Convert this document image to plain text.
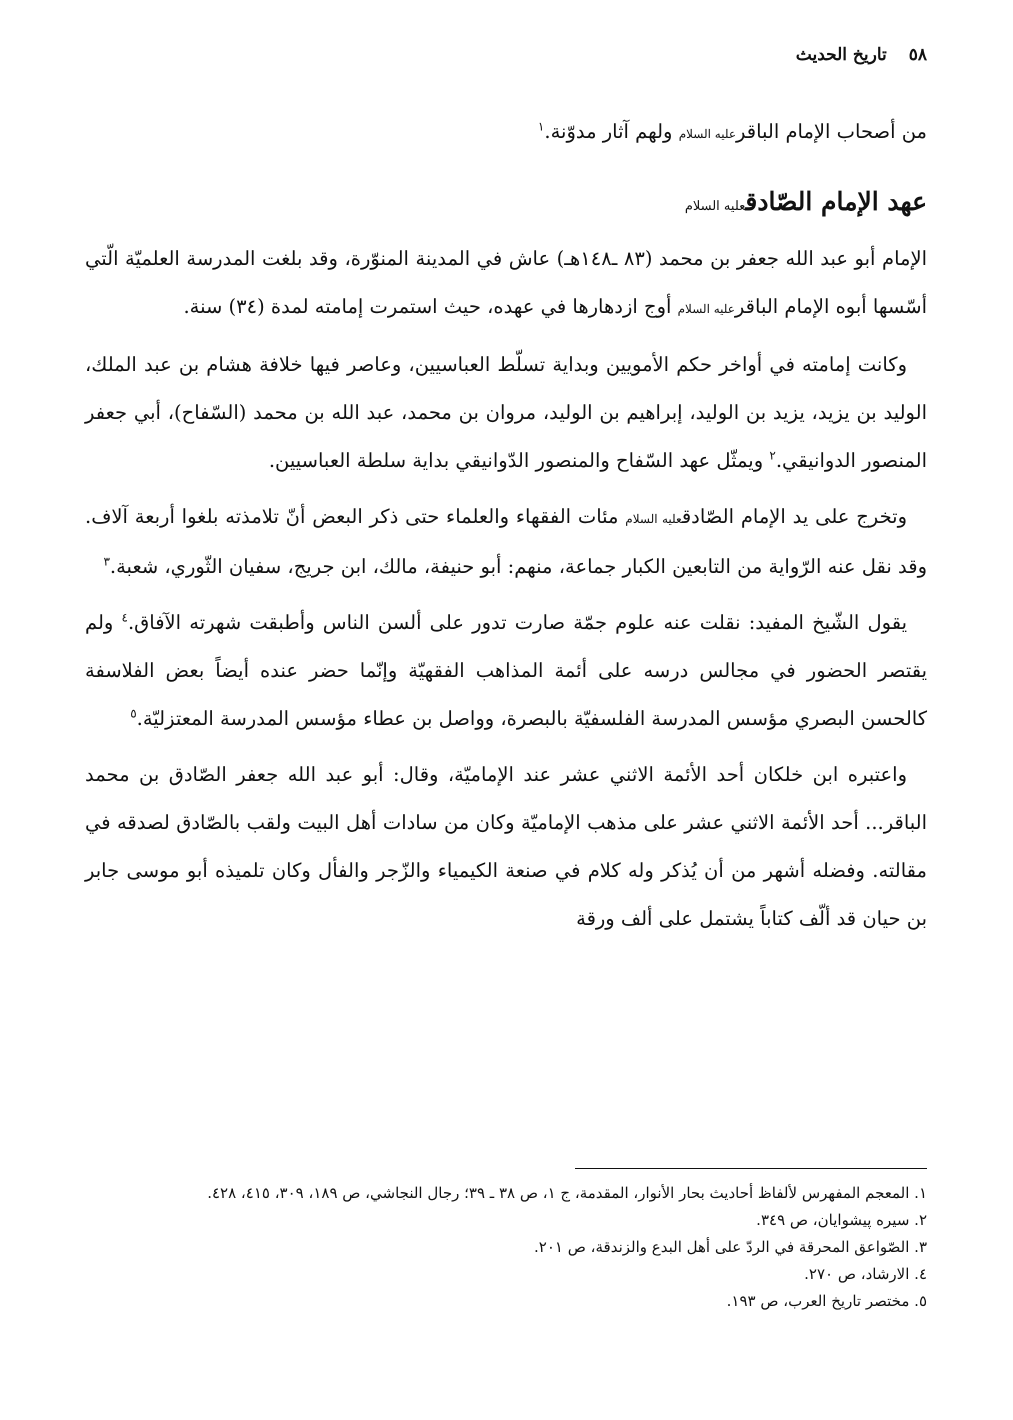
٥٨
تاريخ الحديث

من أصحاب الإمام الباقرعليه السلام ولهم آثار مدوّنة.$^١$

عهد الإمام الصّادقعليه السلام

الإمام أبو عبد الله جعفر بن محمد (٨٣ ـ١٤٨هـ) عاش في المدينة المنوّرة، وقد بلغت المدرسة العلميّة الّتي أسّسها أبوه الإمام الباقرعليه السلام أوج ازدهارها في عهده، حيث استمرت إمامته لمدة (٣٤) سنة.

وكانت إمامته في أواخر حكم الأمويين وبداية تسلّط العباسيين، وعاصر فيها خلافة هشام بن عبد الملك، الوليد بن يزيد، يزيد بن الوليد، إبراهيم بن الوليد، مروان بن محمد، عبد الله بن محمد (السّفاح)، أبي جعفر المنصور الدوانيقي.$^٢$ ويمثّل عهد السّفاح والمنصور الدّوانيقي بداية سلطة العباسيين.

وتخرج على يد الإمام الصّادقعليه السلام مئات الفقهاء والعلماء حتى ذكر البعض أنّ تلامذته بلغوا أربعة آلاف. وقد نقل عنه الرّواية من التابعين الكبار جماعة، منهم: أبو حنيفة، مالك، ابن جريج، سفيان الثّوري، شعبة.$^٣$

يقول الشّيخ المفيد: نقلت عنه علوم جمّة صارت تدور على ألسن الناس وأطبقت شهرته الآفاق.$^٤$ ولم يقتصر الحضور في مجالس درسه على أئمة المذاهب الفقهيّة وإنّما حضر عنده أيضاً بعض الفلاسفة كالحسن البصري مؤسس المدرسة الفلسفيّة بالبصرة، وواصل بن عطاء مؤسس المدرسة المعتزليّة.$^٥$

واعتبره ابن خلكان أحد الأئمة الاثني عشر عند الإماميّة، وقال: أبو عبد الله جعفر الصّادق بن محمد الباقر... أحد الأئمة الاثني عشر على مذهب الإماميّة وكان من سادات أهل البيت ولقب بالصّادق لصدقه في مقالته. وفضله أشهر من أن يُذكر وله كلام في صنعة الكيمياء والزّجر والفأل وكان تلميذه أبو موسى جابر بن حيان قد ألّف كتاباً يشتمل على ألف ورقة

١. المعجم المفهرس لألفاظ أحاديث بحار الأنوار، المقدمة، ج ١، ص ٣٨ ـ ٣٩؛ رجال النجاشي، ص ١٨٩، ٣٠٩، ٤١٥، ٤٢٨.

٢. سيره پيشوايان، ص ٣٤٩.

٣. الصّواعق المحرقة في الردّ على أهل البدع والزندقة، ص ٢٠١.

٤. الارشاد، ص ٢٧٠.

٥. مختصر تاريخ العرب، ص ١٩٣.
